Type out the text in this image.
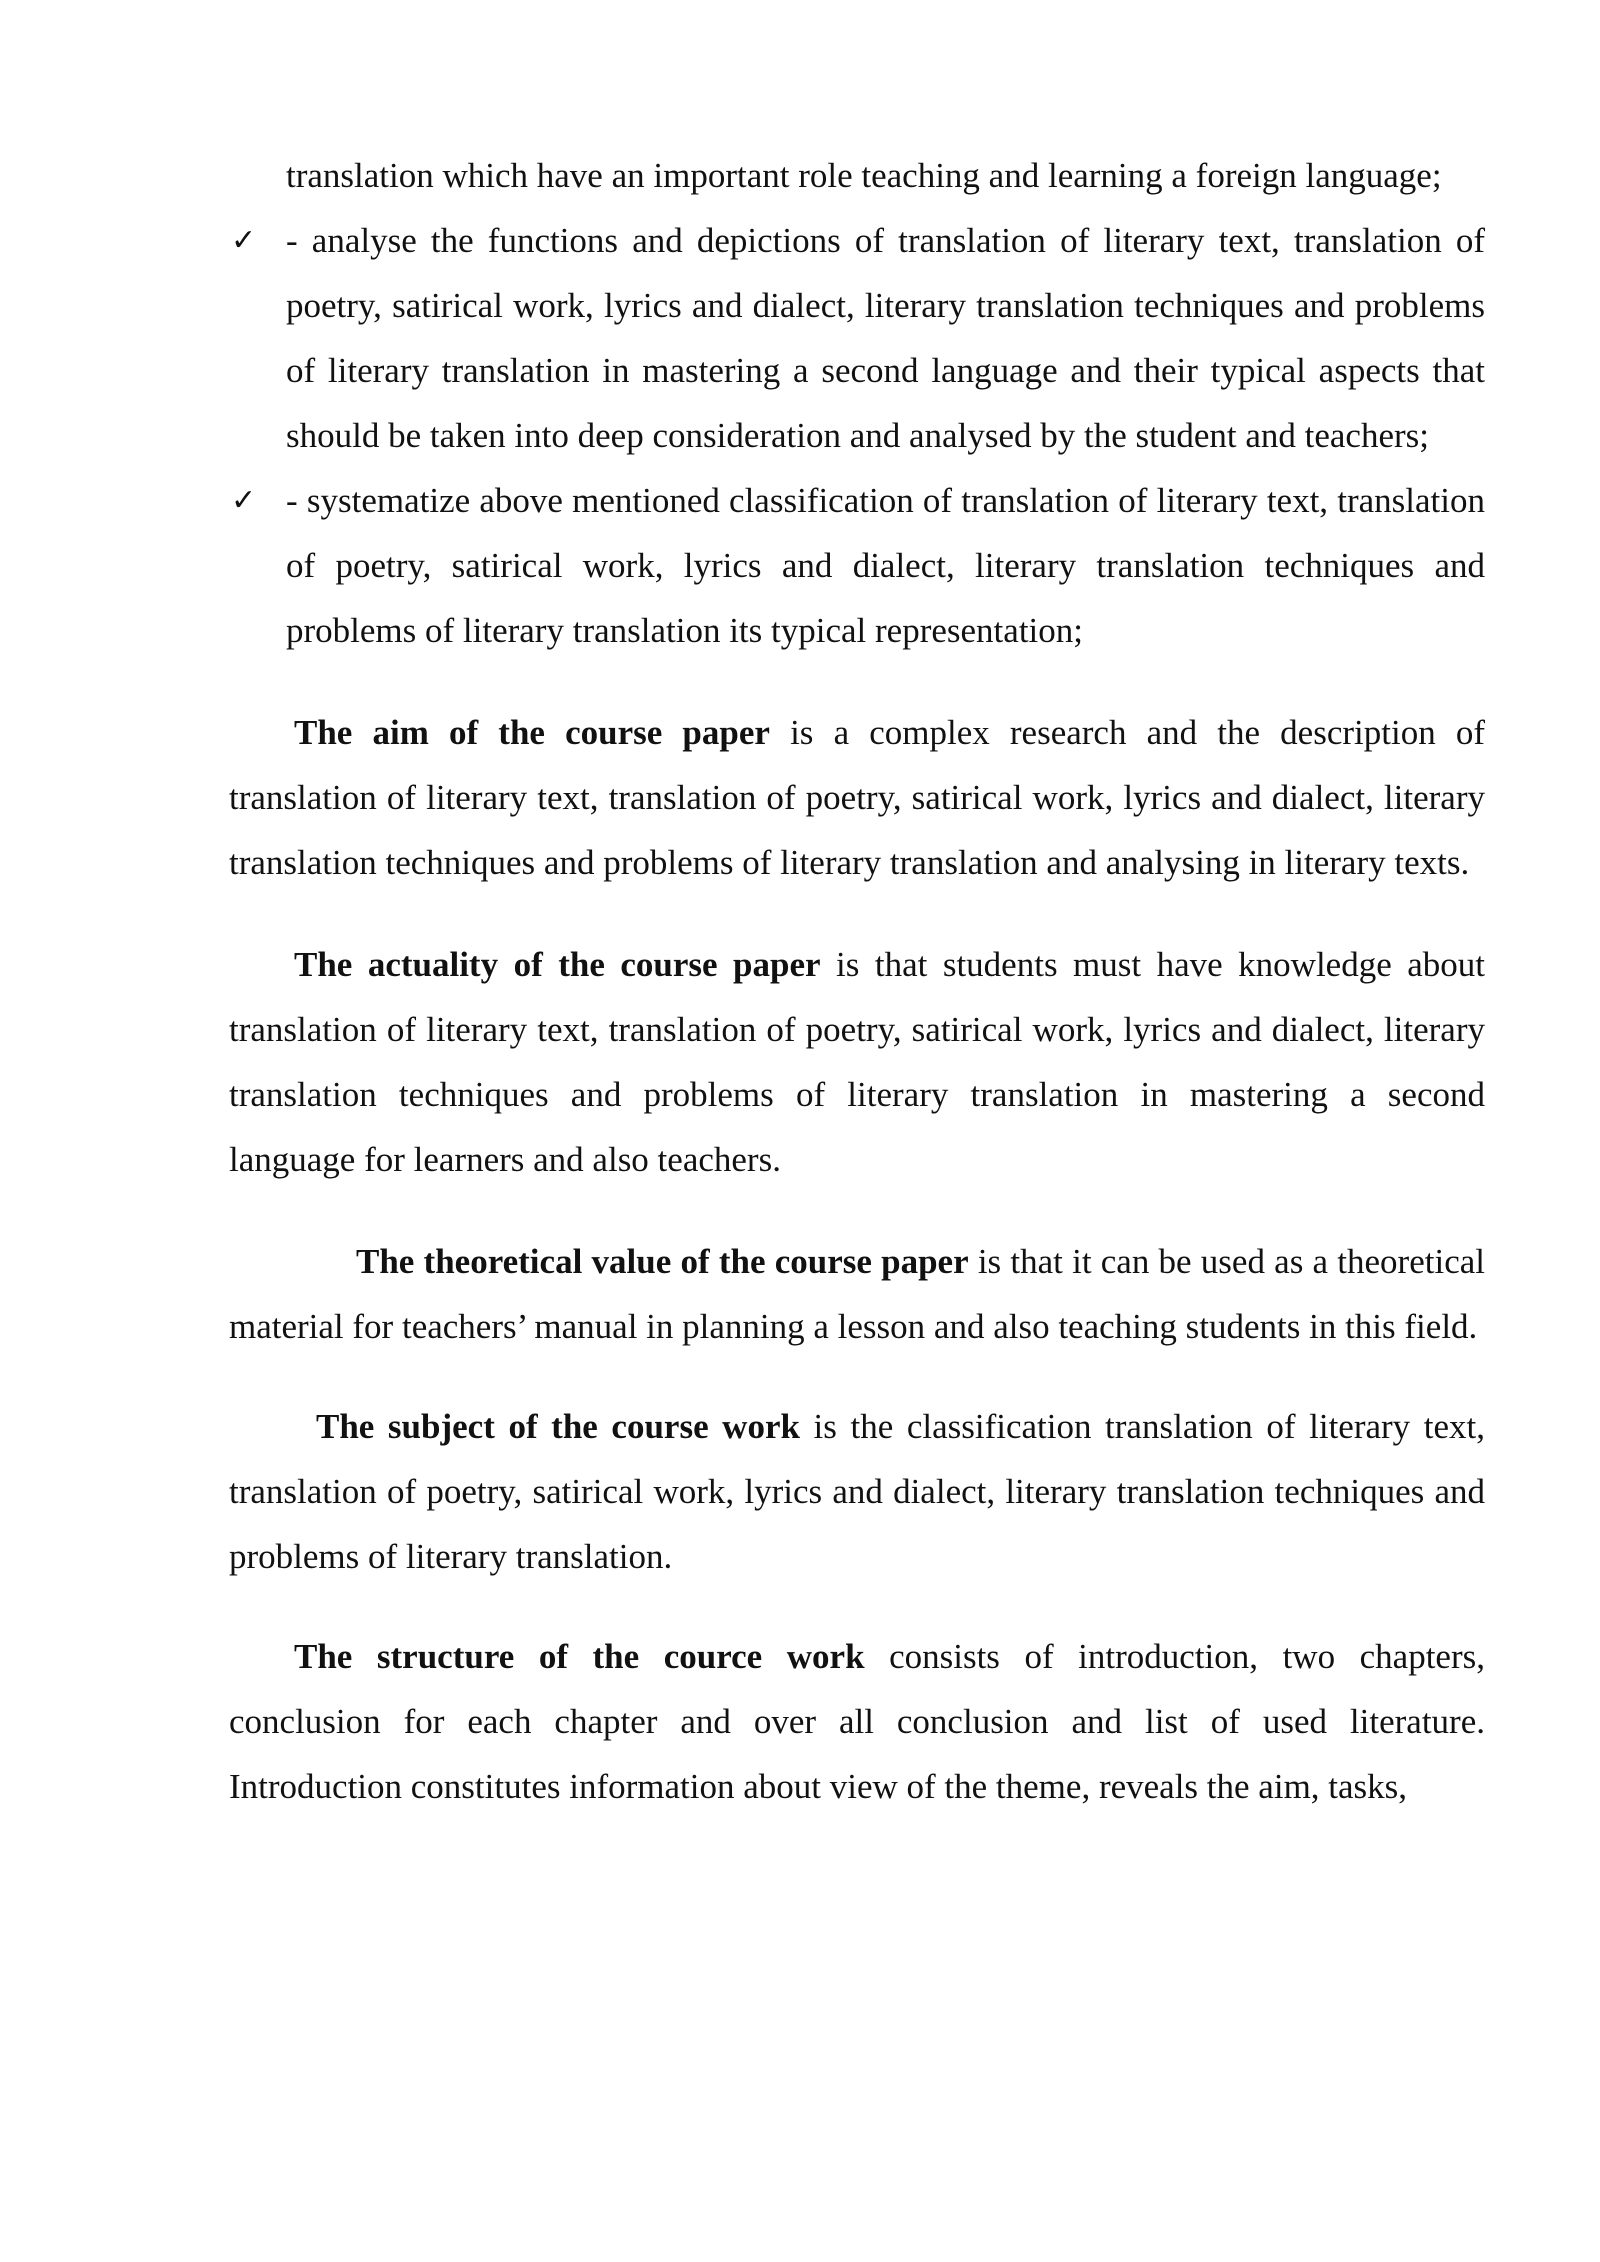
translation which have an important role teaching and learning a foreign language;
✓ - analyse the functions and depictions of translation of literary text, translation of poetry, satirical work, lyrics and dialect, literary translation techniques and problems of literary translation in mastering a second language and their typical aspects that should be taken into deep consideration and analysed by the student and teachers;
✓ - systematize above mentioned classification of translation of literary text, translation of poetry, satirical work, lyrics and dialect, literary translation techniques and problems of literary translation its typical representation;

The aim of the course paper is a complex research and the description of translation of literary text, translation of poetry, satirical work, lyrics and dialect, literary translation techniques and problems of literary translation and analysing in literary texts.

The actuality of the course paper is that students must have knowledge about translation of literary text, translation of poetry, satirical work, lyrics and dialect, literary translation techniques and problems of literary translation in mastering a second language for learners and also teachers.

The theoretical value of the course paper is that it can be used as a theoretical material for teachers’ manual in planning a lesson and also teaching students in this field.

The subject of the course work is the classification translation of literary text, translation of poetry, satirical work, lyrics and dialect, literary translation techniques and problems of literary translation.

The structure of the cource work consists of introduction, two chapters, conclusion for each chapter and over all conclusion and list of used literature. Introduction constitutes information about view of the theme, reveals the aim, tasks,
